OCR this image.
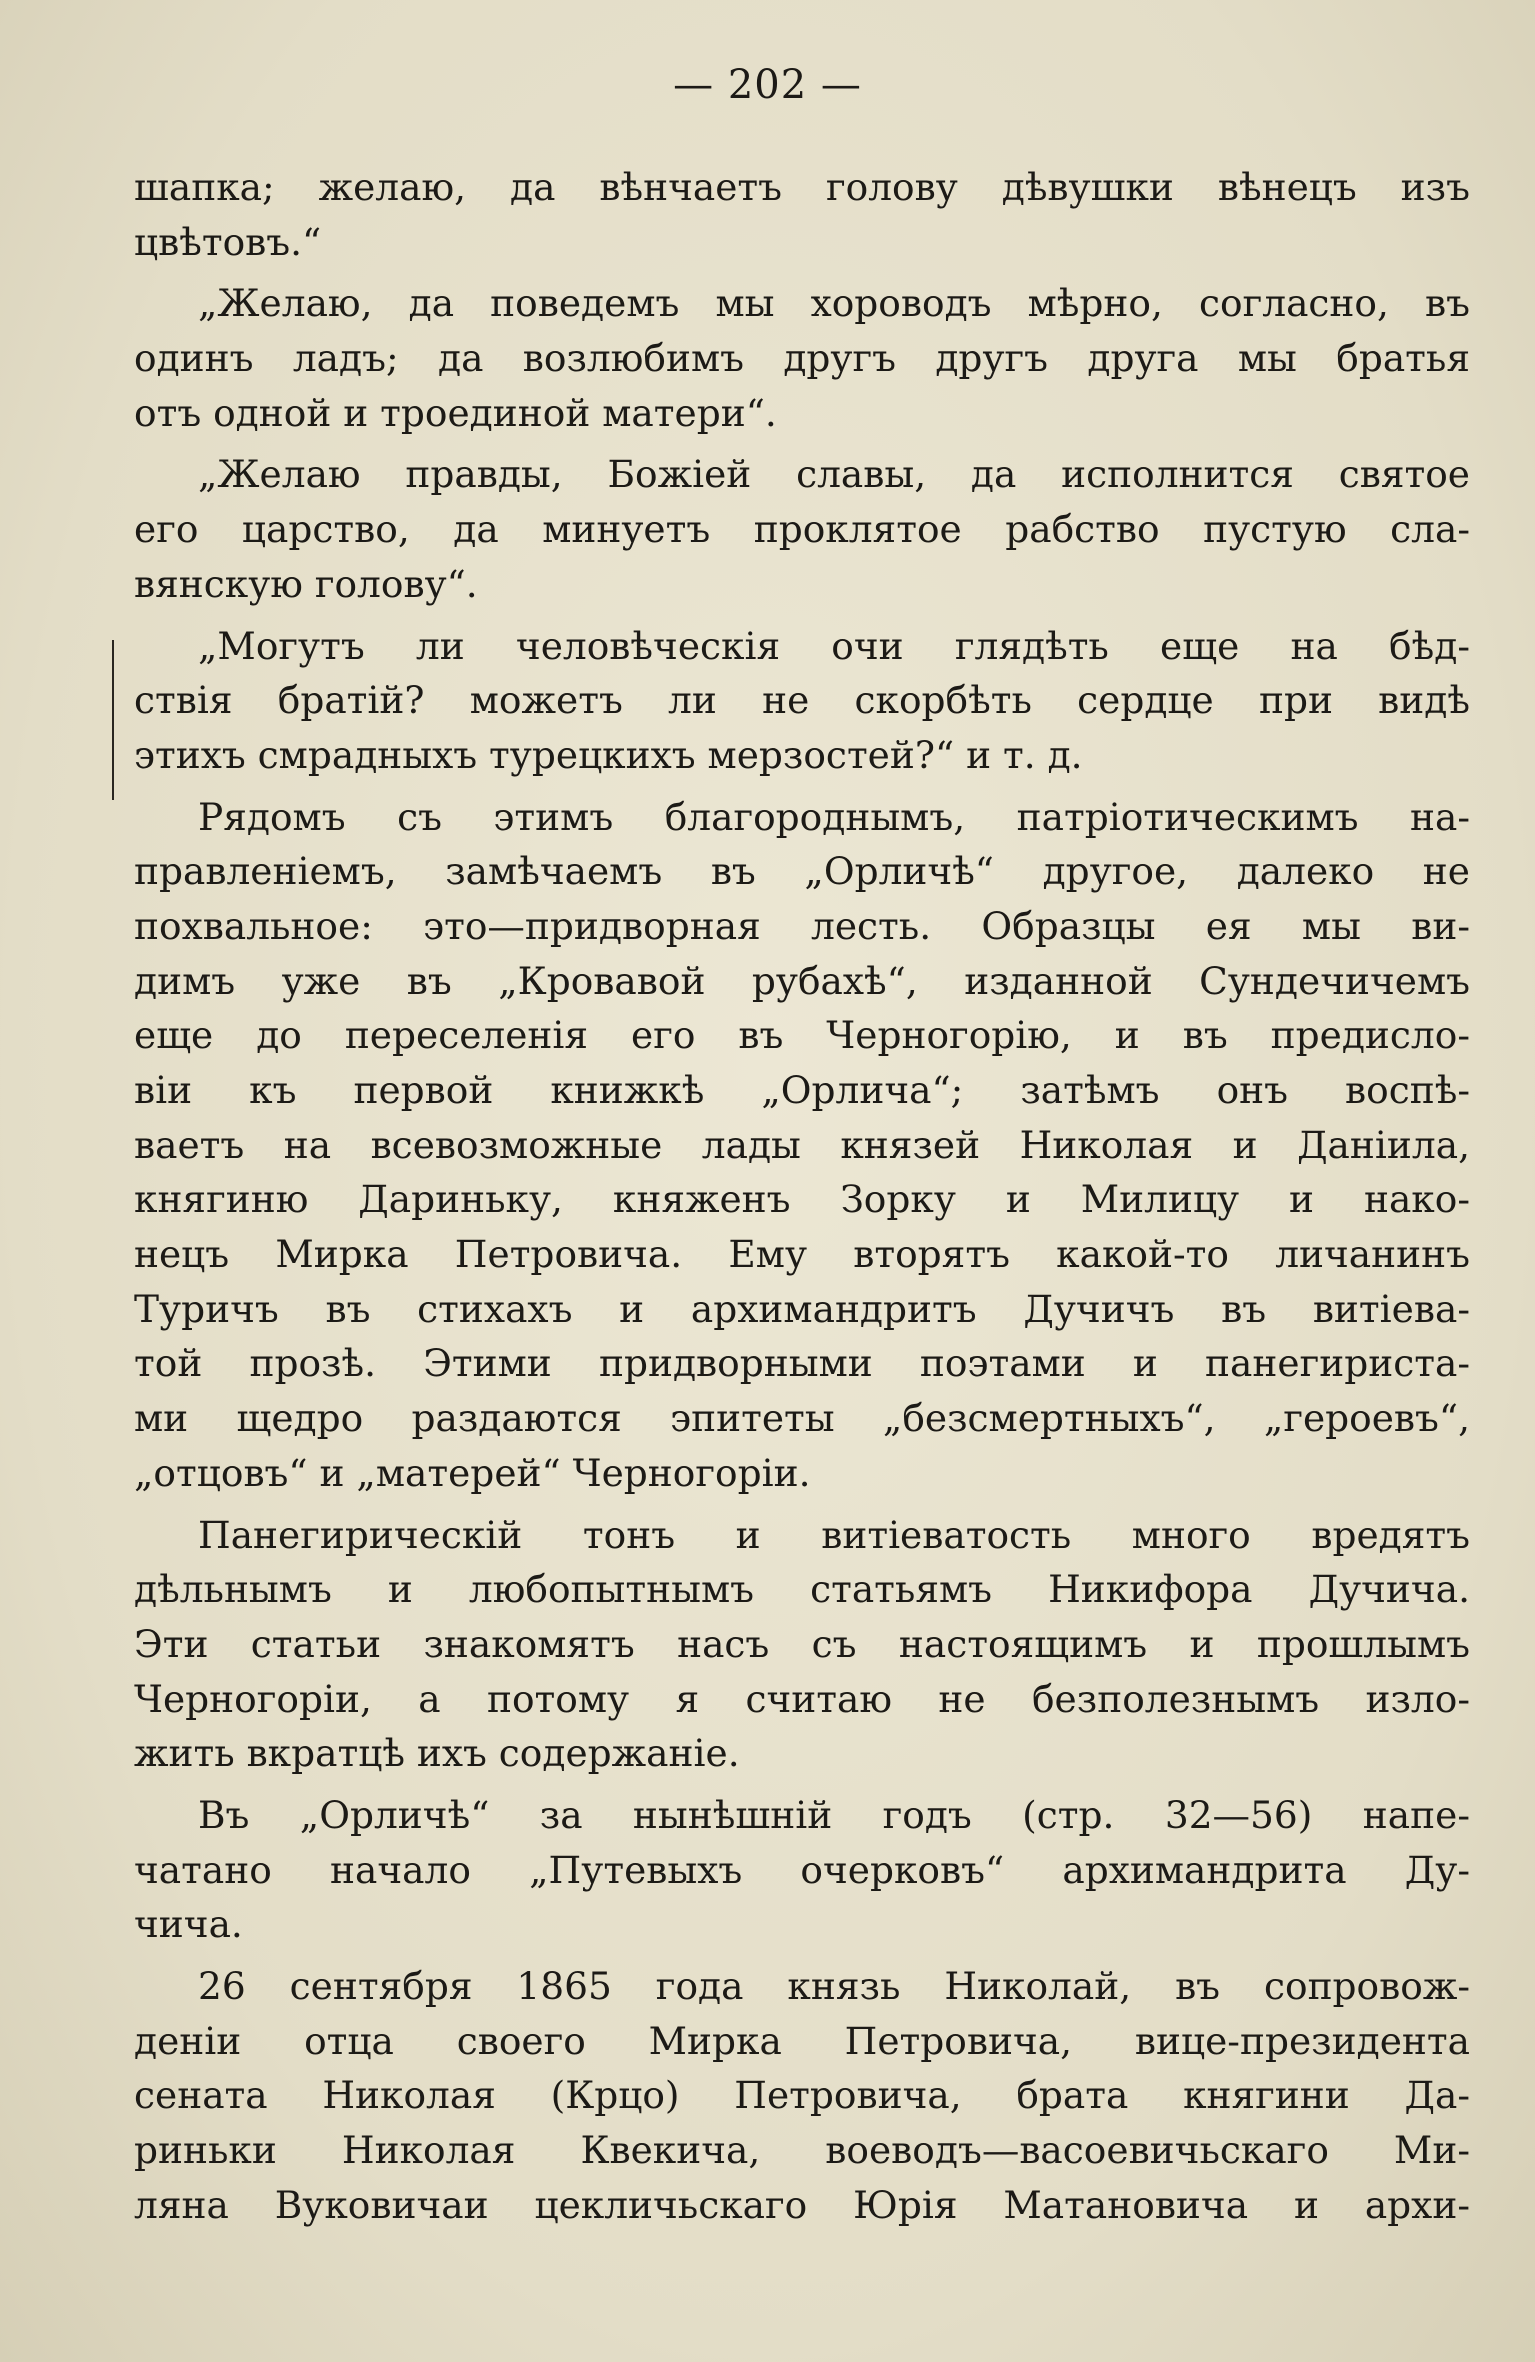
— 202 —
шапка; желаю, да вѣнчаетъ голову дѣвушки вѣнецъ изъ
цвѣтовъ.“
„Желаю, да поведемъ мы хороводъ мѣрно, согласно, въ
одинъ ладъ; да возлюбимъ другъ другъ друга мы братья
отъ одной и троединой матери“.
„Желаю правды, Божiей славы, да исполнится святое
его царство, да минуетъ проклятое рабство пустую сла-
вянскую голову“.
„Могутъ ли человѣческiя очи глядѣть еще на бѣд-
ствiя братiй? можетъ ли не скорбѣть сердце при видѣ
этихъ смрадныхъ турецкихъ мерзостей?“ и т. д.
Рядомъ съ этимъ благороднымъ, патрiотическимъ на-
правленiемъ, замѣчаемъ въ „Орличѣ“ другое, далеко не
похвальное: это—придворная лесть. Образцы ея мы ви-
димъ уже въ „Кровавой рубахѣ“, изданной Сундечичемъ
еще до переселенiя его въ Черногорiю, и въ предисло-
вiи къ первой книжкѣ „Орлича“; затѣмъ онъ воспѣ-
ваетъ на всевозможные лады князей Николая и Данiила,
княгиню Дариньку, княженъ Зорку и Милицу и нако-
нецъ Мирка Петровича. Ему вторятъ какой-то личанинъ
Туричъ въ стихахъ и архимандритъ Дучичъ въ витiева-
той прозѣ. Этими придворными поэтами и панегириста-
ми щедро раздаются эпитеты „безсмертныхъ“, „героевъ“,
„отцовъ“ и „матерей“ Черногорiи.
Панегирическiй тонъ и витiеватость много вредятъ
дѣльнымъ и любопытнымъ статьямъ Никифора Дучича.
Эти статьи знакомятъ насъ съ настоящимъ и прошлымъ
Черногорiи, а потому я считаю не безполезнымъ изло-
жить вкратцѣ ихъ содержанiе.
Въ „Орличѣ“ за нынѣшнiй годъ (стр. 32—56) напе-
чатано начало „Путевыхъ очерковъ“ архимандрита Ду-
чича.
26 сентября 1865 года князь Николай, въ сопровож-
денiи отца своего Мирка Петровича, вице-президента
сената Николая (Крцо) Петровича, брата княгини Да-
риньки Николая Квекича, воеводъ—васоевичьскаго Ми-
ляна Вуковичаи цекличьскаго Юрiя Матановича и архи-
